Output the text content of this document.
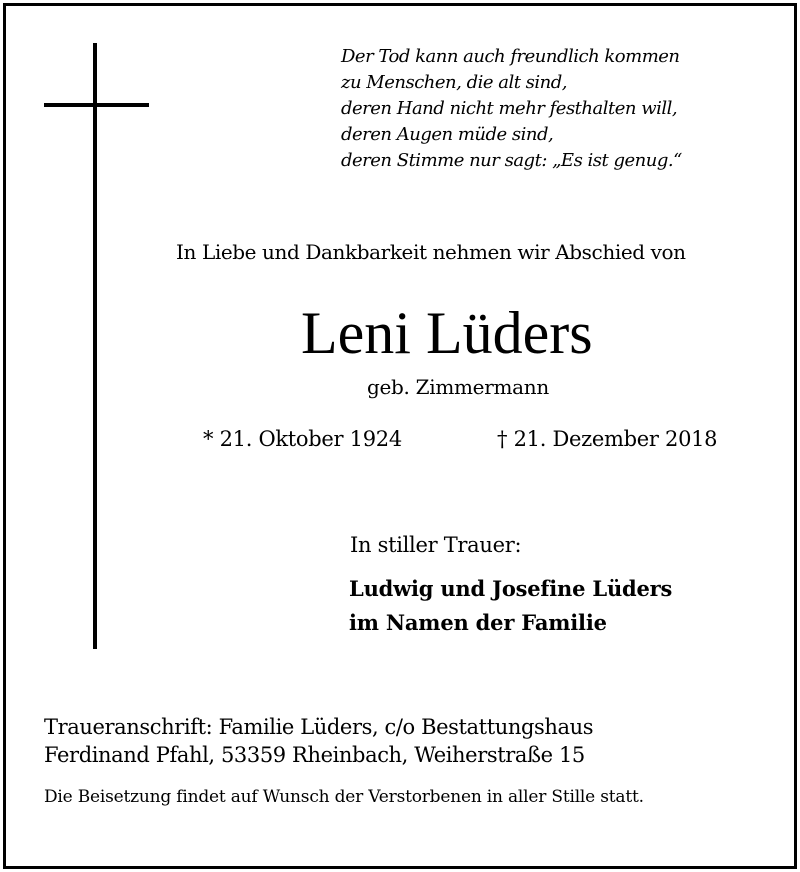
Der Tod kann auch freundlich kommen
zu Menschen, die alt sind,
deren Hand nicht mehr festhalten will,
deren Augen müde sind,
deren Stimme nur sagt: „Es ist genug.“
In Liebe und Dankbarkeit nehmen wir Abschied von
Leni Lüders
geb. Zimmermann
* 21. Oktober 1924	† 21. Dezember 2018
In stiller Trauer:
Ludwig und Josefine Lüders
im Namen der Familie
Traueranschrift: Familie Lüders, c/o Bestattungshaus
Ferdinand Pfahl, 53359 Rheinbach, Weiherstraße 15
Die Beisetzung findet auf Wunsch der Verstorbenen in aller Stille statt.
